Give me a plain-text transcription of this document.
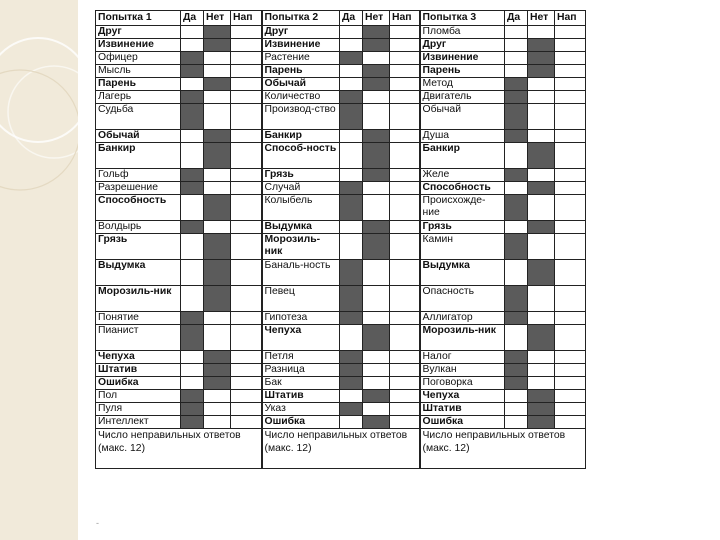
Попытка 1	Да	Нет	Нап	Попытка 2	Да	Нет	Нап	Попытка 3	Да	Нет	Нап
Друг				Друг				Пломба			
Извинение				Извинение				Друг			
Офицер				Растение				Извинение			
Мысль				Парень				Парень			
Парень				Обычай				Метод			
Лагерь				Количество				Двигатель			
Судьба				Производ-ство				Обычай			
Обычай				Банкир				Душа			
Банкир				Способ-ность				Банкир			
Гольф				Грязь				Желе			
Разрешение				Случай				Способность			
Способность				Колыбель				Происхожде-ние			
Волдырь				Выдумка				Грязь			
Грязь				Морозиль-ник				Камин			
Выдумка				Баналь-ность				Выдумка			
Морозиль-ник				Певец				Опасность			
Понятие				Гипотеза				Аллигатор			
Пианист				Чепуха				Морозиль-ник			
Чепуха				Петля				Налог			
Штатив				Разница				Вулкан			
Ошибка				Бак				Поговорка			
Пол				Штатив				Чепуха			
Пуля				Указ				Штатив			
Интеллект				Ошибка				Ошибка			
Число неправильных ответов (макс. 12)				Число неправильных ответов (макс. 12)				Число неправильных ответов (макс. 12)			
-
